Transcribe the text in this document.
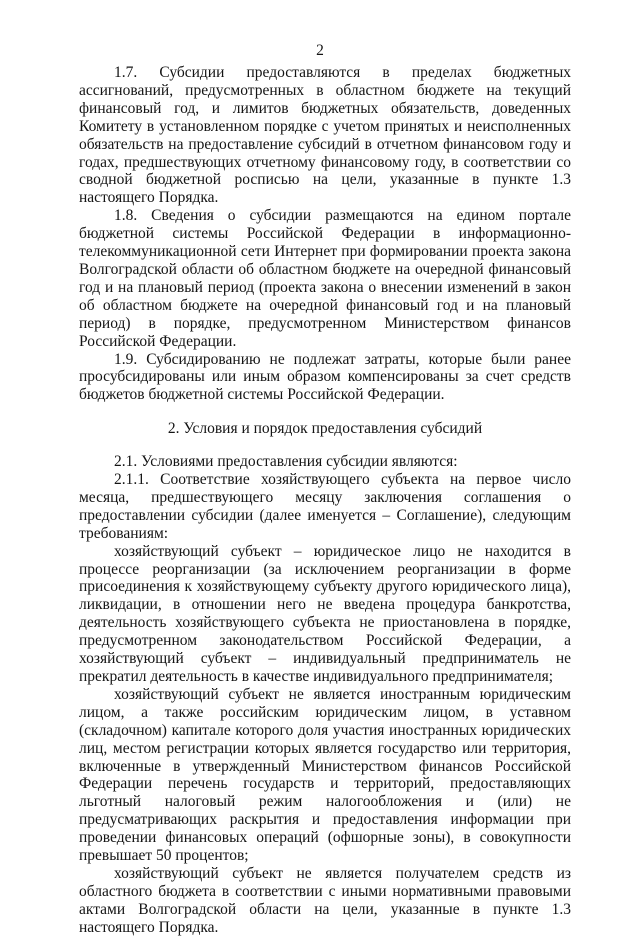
2

1.7. Субсидии предоставляются в пределах бюджетных ассигнований, предусмотренных в областном бюджете на текущий финансовый год, и лимитов бюджетных обязательств, доведенных Комитету в установленном порядке с учетом принятых и неисполненных обязательств на предоставление субсидий в отчетном финансовом году и годах, предшествующих отчетному финансовому году, в соответствии со сводной бюджетной росписью на цели, указанные в пункте 1.3 настоящего Порядка.

1.8. Сведения о субсидии размещаются на едином портале бюджетной системы Российской Федерации в информационно-телекоммуникационной сети Интернет при формировании проекта закона Волгоградской области об областном бюджете на очередной финансовый год и на плановый период (проекта закона о внесении изменений в закон об областном бюджете на очередной финансовый год и на плановый период) в порядке, предусмотренном Министерством финансов Российской Федерации.

1.9. Субсидированию не подлежат затраты, которые были ранее просубсидированы или иным образом компенсированы за счет средств бюджетов бюджетной системы Российской Федерации.

2. Условия и порядок предоставления субсидий

2.1. Условиями предоставления субсидии являются:

2.1.1. Соответствие хозяйствующего субъекта на первое число месяца, предшествующего месяцу заключения соглашения о предоставлении субсидии (далее именуется – Соглашение), следующим требованиям:

хозяйствующий субъект – юридическое лицо не находится в процессе реорганизации (за исключением реорганизации в форме присоединения к хозяйствующему субъекту другого юридического лица), ликвидации, в отношении него не введена процедура банкротства, деятельность хозяйствующего субъекта не приостановлена в порядке, предусмотренном законодательством Российской Федерации, а хозяйствующий субъект – индивидуальный предприниматель не прекратил деятельность в качестве индивидуального предпринимателя;

хозяйствующий субъект не является иностранным юридическим лицом, а также российским юридическим лицом, в уставном (складочном) капитале которого доля участия иностранных юридических лиц, местом регистрации которых является государство или территория, включенные в утвержденный Министерством финансов Российской Федерации перечень государств и территорий, предоставляющих льготный налоговый режим налогообложения и (или) не предусматривающих раскрытия и предоставления информации при проведении финансовых операций (офшорные зоны), в совокупности превышает 50 процентов;

хозяйствующий субъект не является получателем средств из областного бюджета в соответствии с иными нормативными правовыми актами Волгоградской области на цели, указанные в пункте 1.3 настоящего Порядка.
